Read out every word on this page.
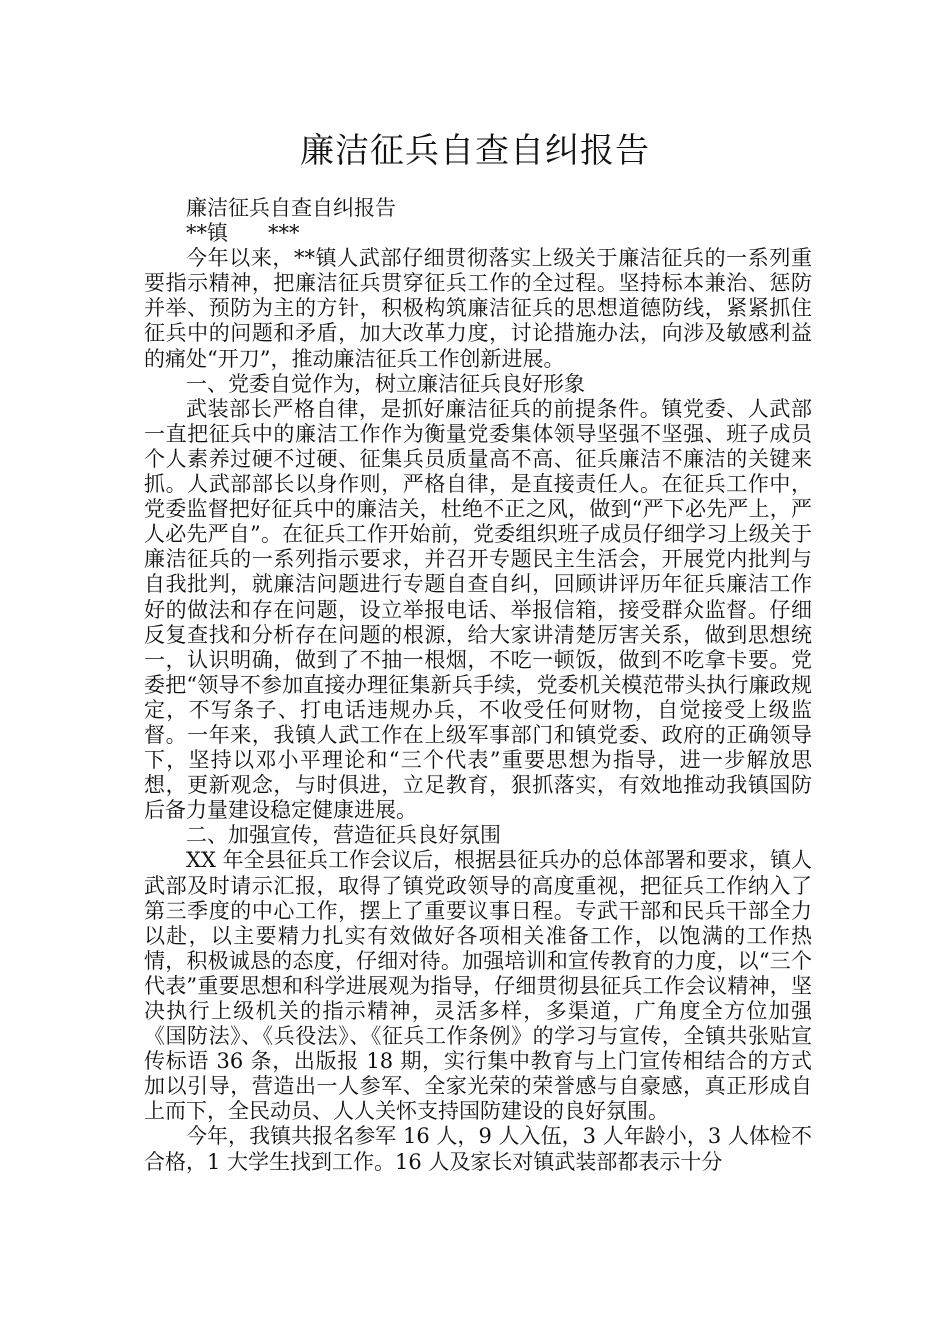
廉洁征兵自查自纠报告

廉洁征兵自查自纠报告

**镇      ***

今年以来，**镇人武部仔细贯彻落实上级关于廉洁征兵的一系列重要指示精神，把廉洁征兵贯穿征兵工作的全过程。坚持标本兼治、惩防并举、预防为主的方针，积极构筑廉洁征兵的思想道德防线，紧紧抓住征兵中的问题和矛盾，加大改革力度，讨论措施办法，向涉及敏感利益的痛处“开刀”，推动廉洁征兵工作创新进展。

一、党委自觉作为，树立廉洁征兵良好形象

武装部长严格自律，是抓好廉洁征兵的前提条件。镇党委、人武部一直把征兵中的廉洁工作作为衡量党委集体领导坚强不坚强、班子成员个人素养过硬不过硬、征集兵员质量高不高、征兵廉洁不廉洁的关键来抓。人武部部长以身作则，严格自律，是直接责任人。在征兵工作中，党委监督把好征兵中的廉洁关，杜绝不正之风，做到“严下必先严上，严人必先严自”。在征兵工作开始前，党委组织班子成员仔细学习上级关于廉洁征兵的一系列指示要求，并召开专题民主生活会，开展党内批判与自我批判，就廉洁问题进行专题自查自纠，回顾讲评历年征兵廉洁工作好的做法和存在问题，设立举报电话、举报信箱，接受群众监督。仔细反复查找和分析存在问题的根源，给大家讲清楚厉害关系，做到思想统一，认识明确，做到了不抽一根烟，不吃一顿饭，做到不吃拿卡要。党委把“领导不参加直接办理征集新兵手续，党委机关模范带头执行廉政规定，不写条子、打电话违规办兵，不收受任何财物，自觉接受上级监督。一年来，我镇人武工作在上级军事部门和镇党委、政府的正确领导下，坚持以邓小平理论和“三个代表”重要思想为指导，进一步解放思想，更新观念，与时俱进，立足教育，狠抓落实，有效地推动我镇国防后备力量建设稳定健康进展。

二、加强宣传，营造征兵良好氛围

XX 年全县征兵工作会议后，根据县征兵办的总体部署和要求，镇人武部及时请示汇报，取得了镇党政领导的高度重视，把征兵工作纳入了第三季度的中心工作，摆上了重要议事日程。专武干部和民兵干部全力以赴，以主要精力扎实有效做好各项相关准备工作，以饱满的工作热情，积极诚恳的态度，仔细对待。加强培训和宣传教育的力度，以“三个代表”重要思想和科学进展观为指导，仔细贯彻县征兵工作会议精神，坚决执行上级机关的指示精神，灵活多样，多渠道，广角度全方位加强《国防法》、《兵役法》、《征兵工作条例》的学习与宣传，全镇共张贴宣传标语 36 条，出版报 18 期，实行集中教育与上门宣传相结合的方式加以引导，营造出一人参军、全家光荣的荣誉感与自豪感，真正形成自上而下，全民动员、人人关怀支持国防建设的良好氛围。

今年，我镇共报名参军 16 人，9 人入伍，3 人年龄小，3 人体检不合格，1 大学生找到工作。16 人及家长对镇武装部都表示十分
